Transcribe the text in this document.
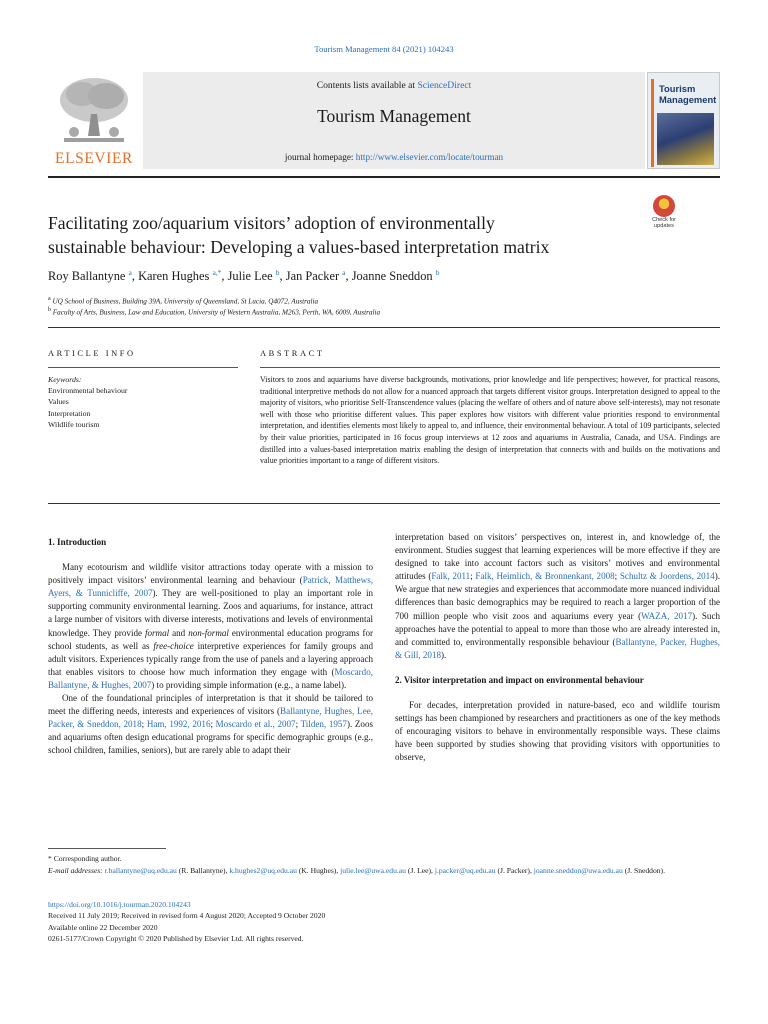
Tourism Management 84 (2021) 104243
ELSEVIER
Contents lists available at ScienceDirect
Tourism Management
journal homepage: http://www.elsevier.com/locate/tourman
Tourism
Management
Facilitating zoo/aquarium visitors’ adoption of environmentally
sustainable behaviour: Developing a values-based interpretation matrix
Check for updates
Roy Ballantyne $^a$, Karen Hughes $^{a,*}$, Julie Lee $^b$, Jan Packer $^a$, Joanne Sneddon $^b$
$^a$ UQ School of Business, Building 39A, University of Queensland, St Lucia, Q4072, Australia
$^b$ Faculty of Arts, Business, Law and Education, University of Western Australia, M263, Perth, WA, 6009, Australia
ARTICLE INFO
Keywords:
Environmental behaviour
Values
Interpretation
Wildlife tourism
ABSTRACT
Visitors to zoos and aquariums have diverse backgrounds, motivations, prior knowledge and life perspectives; however, for practical reasons, traditional interpretive methods do not allow for a nuanced approach that targets different visitor groups. Interpretation designed to appeal to the majority of visitors, who prioritise Self-Transcendence values (placing the welfare of others and of nature above self-interests), may not resonate well with those who prioritise different values. This paper explores how visitors with different value priorities respond to environmental interpretation, and identifies elements most likely to appeal to, and influence, their environmental behaviour. A total of 109 participants, selected by their value priorities, participated in 16 focus group interviews at 12 zoos and aquariums in Australia, Canada, and USA. Findings are distilled into a values-based interpretation matrix enabling the design of interpretation that connects with and builds on the motivations and value priorities important to a range of different visitors.
1. Introduction

Many ecotourism and wildlife visitor attractions today operate with a mission to positively impact visitors’ environmental learning and behaviour (Patrick, Matthews, Ayers, & Tunnicliffe, 2007). They are well-positioned to play an important role in supporting community environmental learning. Zoos and aquariums, for instance, attract a large number of visitors with diverse interests, motivations and levels of environmental knowledge. They provide formal and non-formal environmental education programs for school students, as well as free-choice interpretive experiences for family groups and adult visitors. Experiences typically range from the use of panels and a layering approach that enables visitors to choose how much information they engage with (Moscardo, Ballantyne, & Hughes, 2007) to providing simple information (e.g., a name label).

One of the foundational principles of interpretation is that it should be tailored to meet the differing needs, interests and experiences of visitors (Ballantyne, Hughes, Lee, Packer, & Sneddon, 2018; Ham, 1992, 2016; Moscardo et al., 2007; Tilden, 1957). Zoos and aquariums often design educational programs for specific demographic groups (e.g., school children, families, seniors), but are rarely able to adapt their

interpretation based on visitors’ perspectives on, interest in, and knowledge of, the environment. Studies suggest that learning experiences will be more effective if they are designed to take into account factors such as visitors’ motives and environmental attitudes (Falk, 2011; Falk, Heimlich, & Bronnenkant, 2008; Schultz & Joordens, 2014). We argue that new strategies and experiences that accommodate more nuanced individual differences than basic demographics may be required to reach a larger proportion of the 700 million people who visit zoos and aquariums every year (WAZA, 2017). Such approaches have the potential to appeal to more than those who are already interested in, and committed to, environmentally responsible behaviour (Ballantyne, Packer, Hughes, & Gill, 2018).

2. Visitor interpretation and impact on environmental behaviour

For decades, interpretation provided in nature-based, eco and wildlife tourism settings has been championed by researchers and practitioners as one of the key methods of encouraging visitors to behave in environmentally responsible ways. These claims have been supported by studies showing that providing visitors with opportunities to observe,

* Corresponding author.
E-mail addresses: r.ballantyne@uq.edu.au (R. Ballantyne), k.hughes2@uq.edu.au (K. Hughes), julie.lee@uwa.edu.au (J. Lee), j.packer@uq.edu.au (J. Packer), joanne.sneddon@uwa.edu.au (J. Sneddon).
https://doi.org/10.1016/j.tourman.2020.104243
Received 11 July 2019; Received in revised form 4 August 2020; Accepted 9 October 2020
Available online 22 December 2020
0261-5177/Crown Copyright © 2020 Published by Elsevier Ltd. All rights reserved.
